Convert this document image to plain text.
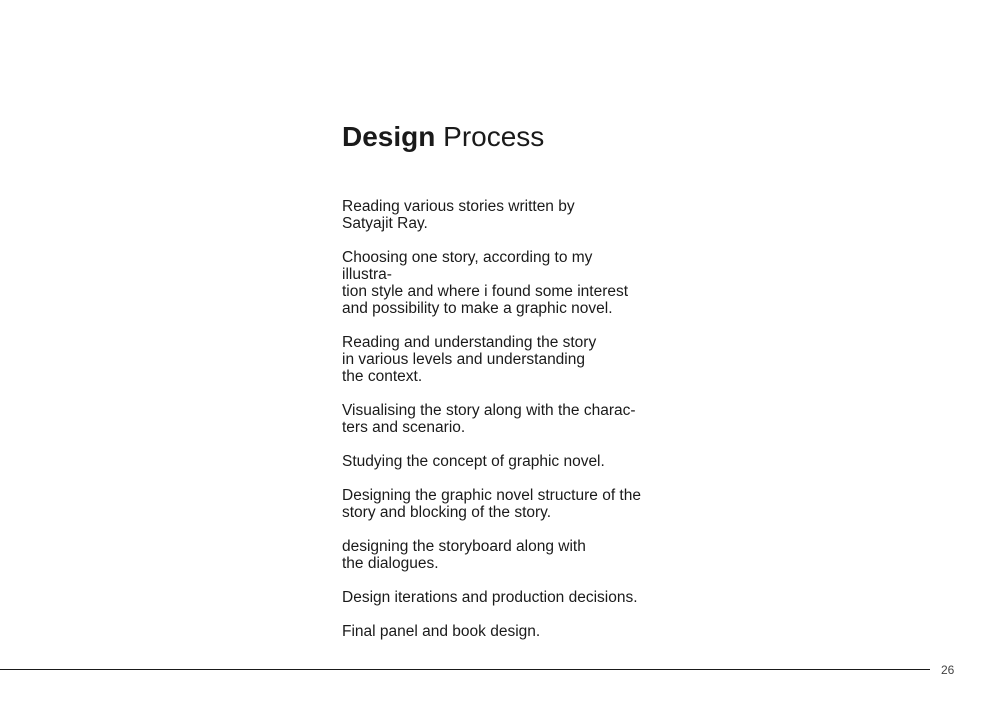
Design Process
Reading various stories written by
Satyajit Ray.
Choosing one story, according to my illustra-
tion style and where i found some interest
and possibility to make a graphic novel.
Reading and understanding the story
in various levels and understanding
the context.
Visualising the story along with the charac-
ters and scenario.
Studying the concept of graphic novel.
Designing the graphic novel structure of the
story and blocking of the story.
designing the storyboard along with
the dialogues.
Design iterations and production decisions.
Final panel and book design.
26
